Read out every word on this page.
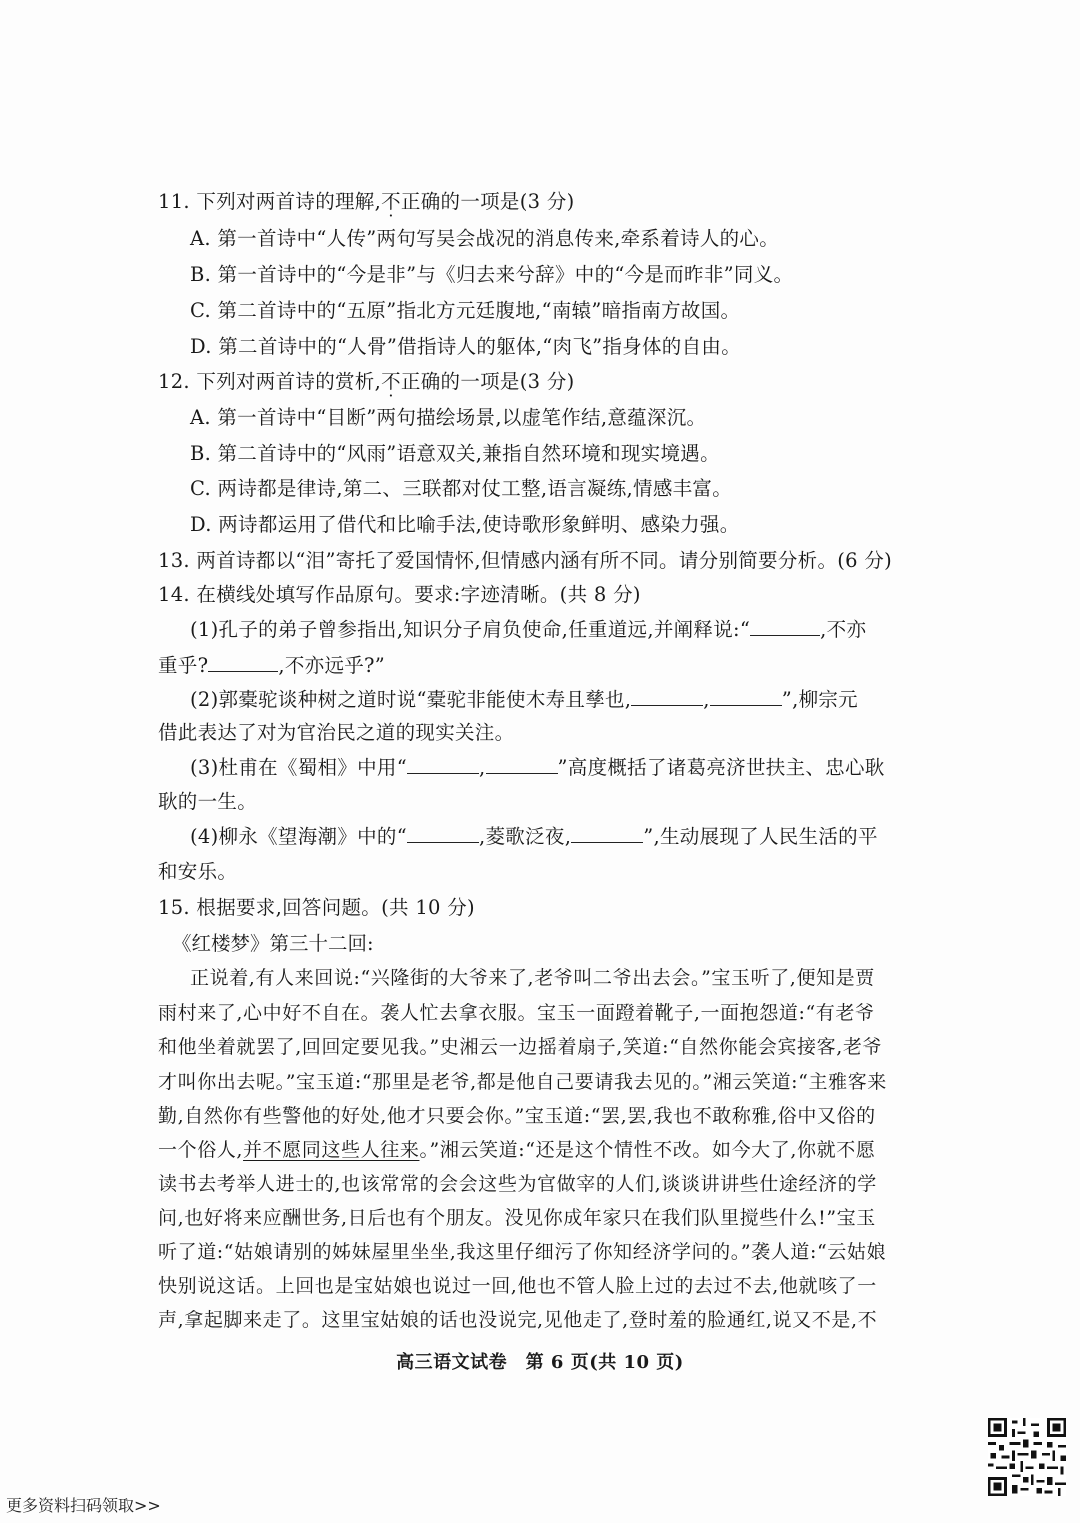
11. 下列对两首诗的理解,不正确的一项是(3 分)
A. 第一首诗中“人传”两句写吴会战况的消息传来,牵系着诗人的心。
B. 第一首诗中的“今是非”与《归去来兮辞》中的“今是而昨非”同义。
C. 第二首诗中的“五原”指北方元廷腹地,“南辕”暗指南方故国。
D. 第二首诗中的“人骨”借指诗人的躯体,“肉飞”指身体的自由。
12. 下列对两首诗的赏析,不正确的一项是(3 分)
A. 第一首诗中“目断”两句描绘场景,以虚笔作结,意蕴深沉。
B. 第二首诗中的“风雨”语意双关,兼指自然环境和现实境遇。
C. 两诗都是律诗,第二、三联都对仗工整,语言凝练,情感丰富。
D. 两诗都运用了借代和比喻手法,使诗歌形象鲜明、感染力强。
13. 两首诗都以“泪”寄托了爱国情怀,但情感内涵有所不同。请分别简要分析。(6 分)
14. 在横线处填写作品原句。要求:字迹清晰。(共 8 分)
(1)孔子的弟子曾参指出,知识分子肩负使命,任重道远,并阐释说:“	,不亦
重乎?	,不亦远乎?”
(2)郭橐驼谈种树之道时说“橐驼非能使木寿且孳也,	,	”,柳宗元
借此表达了对为官治民之道的现实关注。
(3)杜甫在《蜀相》中用“	,	”高度概括了诸葛亮济世扶主、忠心耿
耿的一生。
(4)柳永《望海潮》中的“	,菱歌泛夜,	”,生动展现了人民生活的平
和安乐。
15. 根据要求,回答问题。(共 10 分)
《红楼梦》第三十二回:
正说着,有人来回说:“兴隆街的大爷来了,老爷叫二爷出去会。”宝玉听了,便知是贾
雨村来了,心中好不自在。袭人忙去拿衣服。宝玉一面蹬着靴子,一面抱怨道:“有老爷
和他坐着就罢了,回回定要见我。”史湘云一边摇着扇子,笑道:“自然你能会宾接客,老爷
才叫你出去呢。”宝玉道:“那里是老爷,都是他自己要请我去见的。”湘云笑道:“主雅客来
勤,自然你有些警他的好处,他才只要会你。”宝玉道:“罢,罢,我也不敢称雅,俗中又俗的
一个俗人,并不愿同这些人往来。”湘云笑道:“还是这个情性不改。如今大了,你就不愿
读书去考举人进士的,也该常常的会会这些为官做宰的人们,谈谈讲讲些仕途经济的学
问,也好将来应酬世务,日后也有个朋友。没见你成年家只在我们队里搅些什么!”宝玉
听了道:“姑娘请别的姊妹屋里坐坐,我这里仔细污了你知经济学问的。”袭人道:“云姑娘
快别说这话。上回也是宝姑娘也说过一回,他也不管人脸上过的去过不去,他就咳了一
声,拿起脚来走了。这里宝姑娘的话也没说完,见他走了,登时羞的脸通红,说又不是,不
高三语文试卷　第 6 页(共 10 页)
更多资料扫码领取>>
